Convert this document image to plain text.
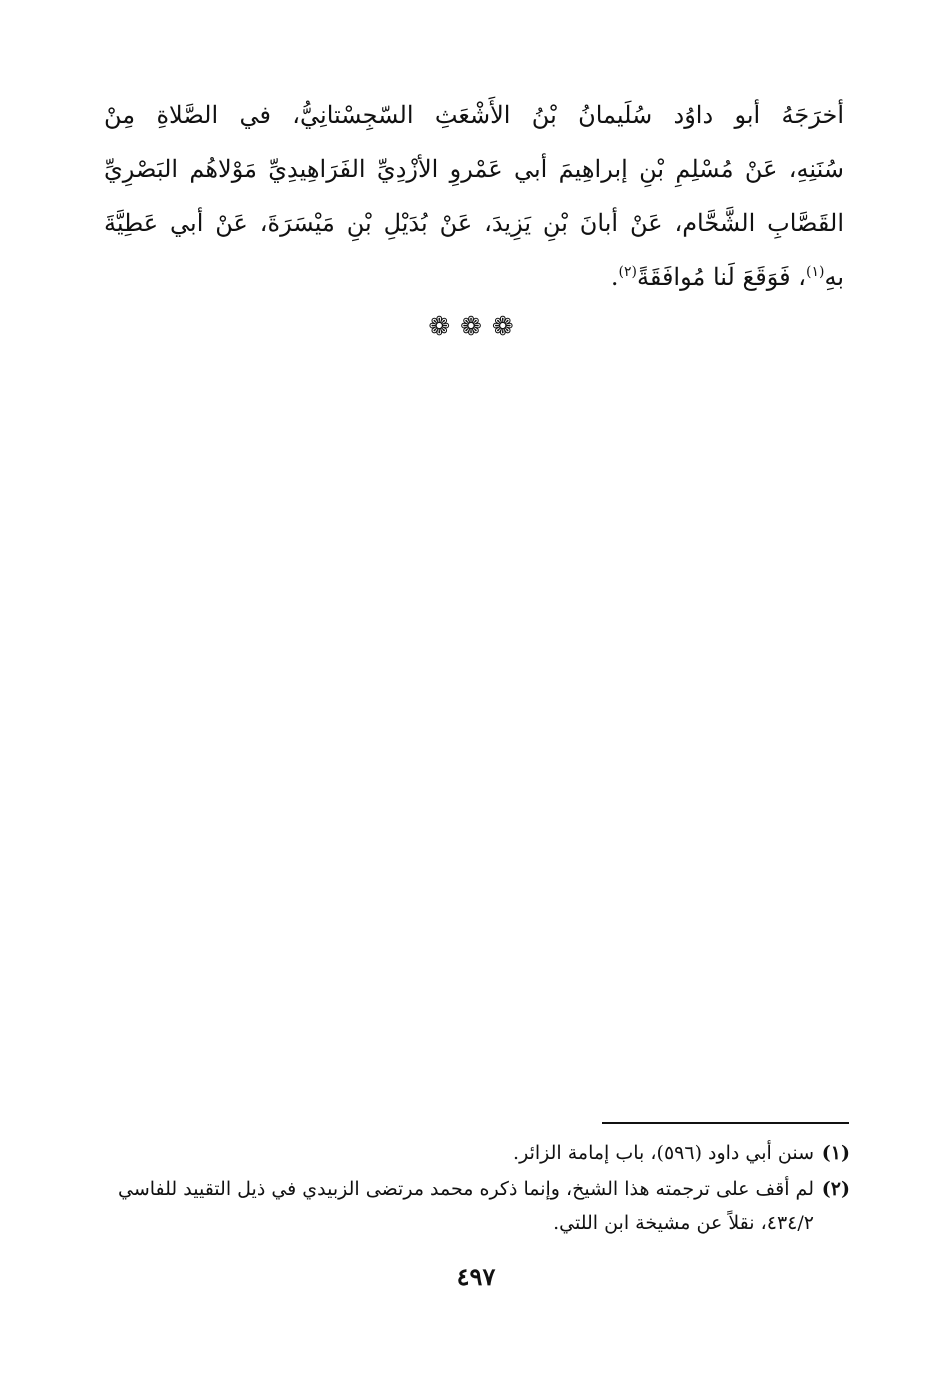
أخرَجَهُ أبو داوُد سُلَيمانُ بْنُ الأَشْعَثِ السّجِسْتانِيُّ، في الصَّلاةِ مِنْ
سُنَنِهِ، عَنْ مُسْلِمِ بْنِ إبراهِيمَ أبي عَمْروِ الأزْدِيِّ الفَرَاهِيدِيِّ مَوْلاهُم البَصْرِيِّ
القَصَّابِ الشَّحَّام، عَنْ أبانَ بْنِ يَزِيدَ، عَنْ بُدَيْلِ بْنِ مَيْسَرَةَ، عَنْ أبي عَطِيَّةَ
بهِ$^{(١)}$، فَوَقَعَ لَنا مُوافَقَةً$^{(٢)}$.
❁❁❁
(١)
سنن أبي داود (٥٩٦)، باب إمامة الزائر.
(٢)
لم أقف على ترجمته هذا الشيخ، وإنما ذكره محمد مرتضى الزبيدي في ذيل التقييد للفاسي ٤٣٤/٢، نقلاً عن مشيخة ابن اللتي.
٤٩٧
